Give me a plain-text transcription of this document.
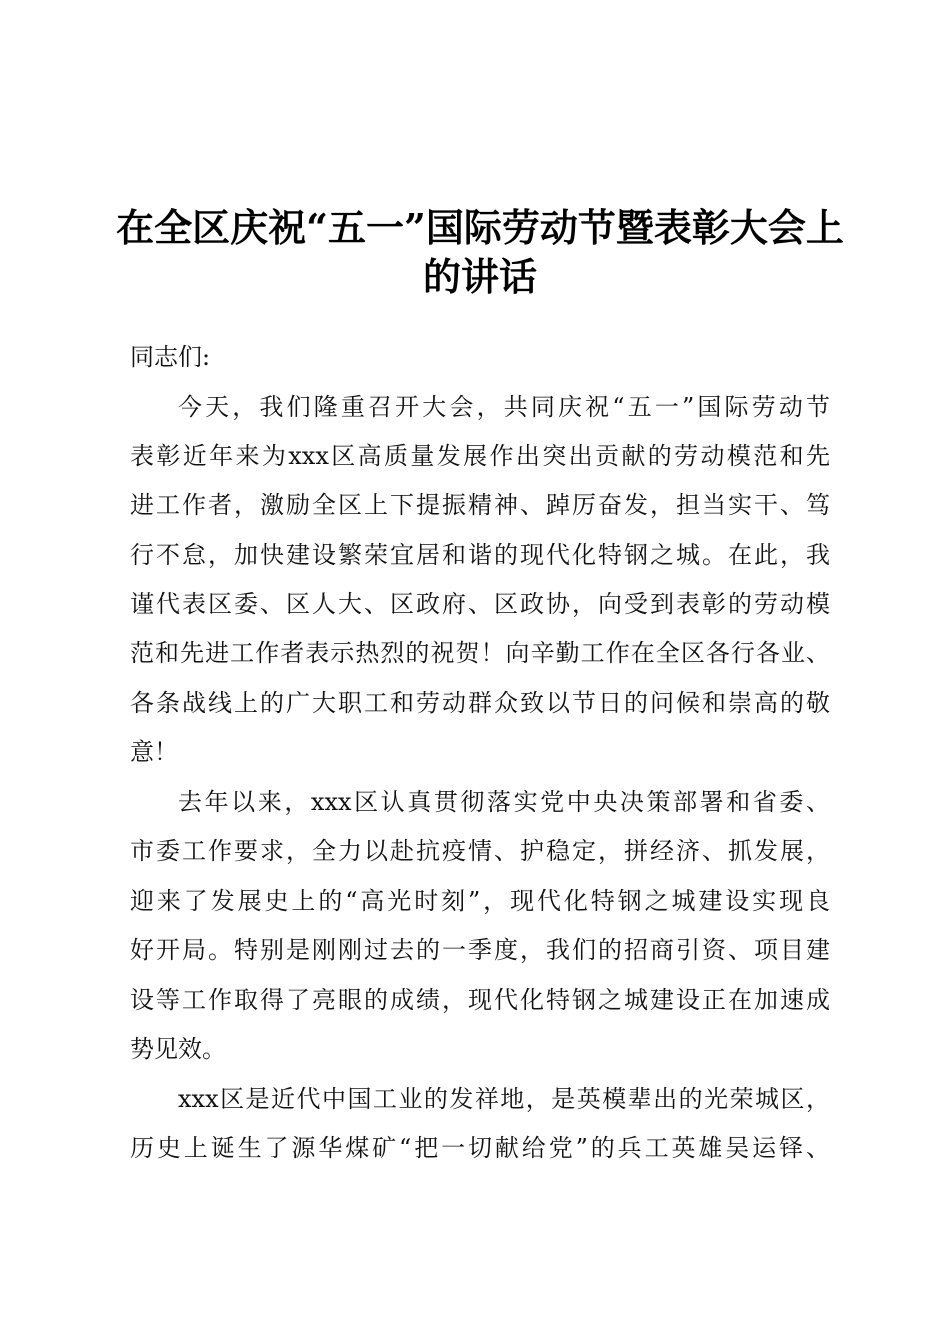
在全区庆祝“五一”国际劳动节暨表彰大会上
的讲话
同志们:
今天，我们隆重召开大会，共同庆祝“五一”国际劳动节
表彰近年来为xxx区高质量发展作出突出贡献的劳动模范和先
进工作者，激励全区上下提振精神、踔厉奋发，担当实干、笃
行不怠，加快建设繁荣宜居和谐的现代化特钢之城。在此，我
谨代表区委、区人大、区政府、区政协，向受到表彰的劳动模
范和先进工作者表示热烈的祝贺！向辛勤工作在全区各行各业、
各条战线上的广大职工和劳动群众致以节日的问候和崇高的敬
意！
去年以来，xxx区认真贯彻落实党中央决策部署和省委、
市委工作要求，全力以赴抗疫情、护稳定，拼经济、抓发展，
迎来了发展史上的“高光时刻”，现代化特钢之城建设实现良
好开局。特别是刚刚过去的一季度，我们的招商引资、项目建
设等工作取得了亮眼的成绩，现代化特钢之城建设正在加速成
势见效。
xxx区是近代中国工业的发祥地，是英模辈出的光荣城区，
历史上诞生了源华煤矿“把一切献给党”的兵工英雄吴运铎、
